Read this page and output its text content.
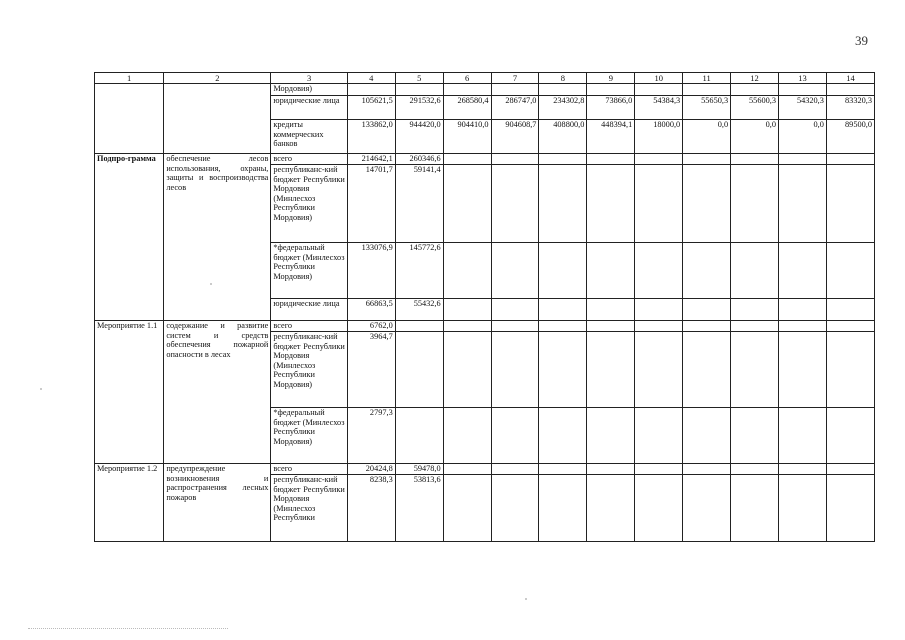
39
1	2	3	4	5	6	7	8	9	10	11	12	13	14
		Мордовия)											
		юридические лица	105621,5	291532,6	268580,4	286747,0	234302,8	73866,0	54384,3	55650,3	55600,3	54320,3	83320,3
		кредиты коммерческих банков	133862,0	944420,0	904410,0	904608,7	408800,0	448394,1	18000,0	0,0	0,0	0,0	89500,0
Подпро-грамма	обеспечение лесов использования, охраны, защиты и воспроизводства лесов	всего	214642,1	260346,6									
		республиканс-кий бюджет Республики Мордовия (Минлесхоз Республики Мордовия)	14701,7	59141,4									
		*федеральный бюджет (Минлесхоз Республики Мордовия)	133076,9	145772,6									
		юридические лица	66863,5	55432,6									
Мероприятие 1.1	содержание и развитие систем и средств обеспечения пожарной опасности в лесах	всего	6762,0										
		республиканс-кий бюджет Республики Мордовия (Минлесхоз Республики Мордовия)	3964,7										
		*федеральный бюджет (Минлесхоз Республики Мордовия)	2797,3										
Мероприятие 1.2	предупреждение возникновения и распространения лесных пожаров	всего	20424,8	59478,0									
		республиканс-кий бюджет Республики Мордовия (Минлесхоз Республики	8238,3	53813,6									
